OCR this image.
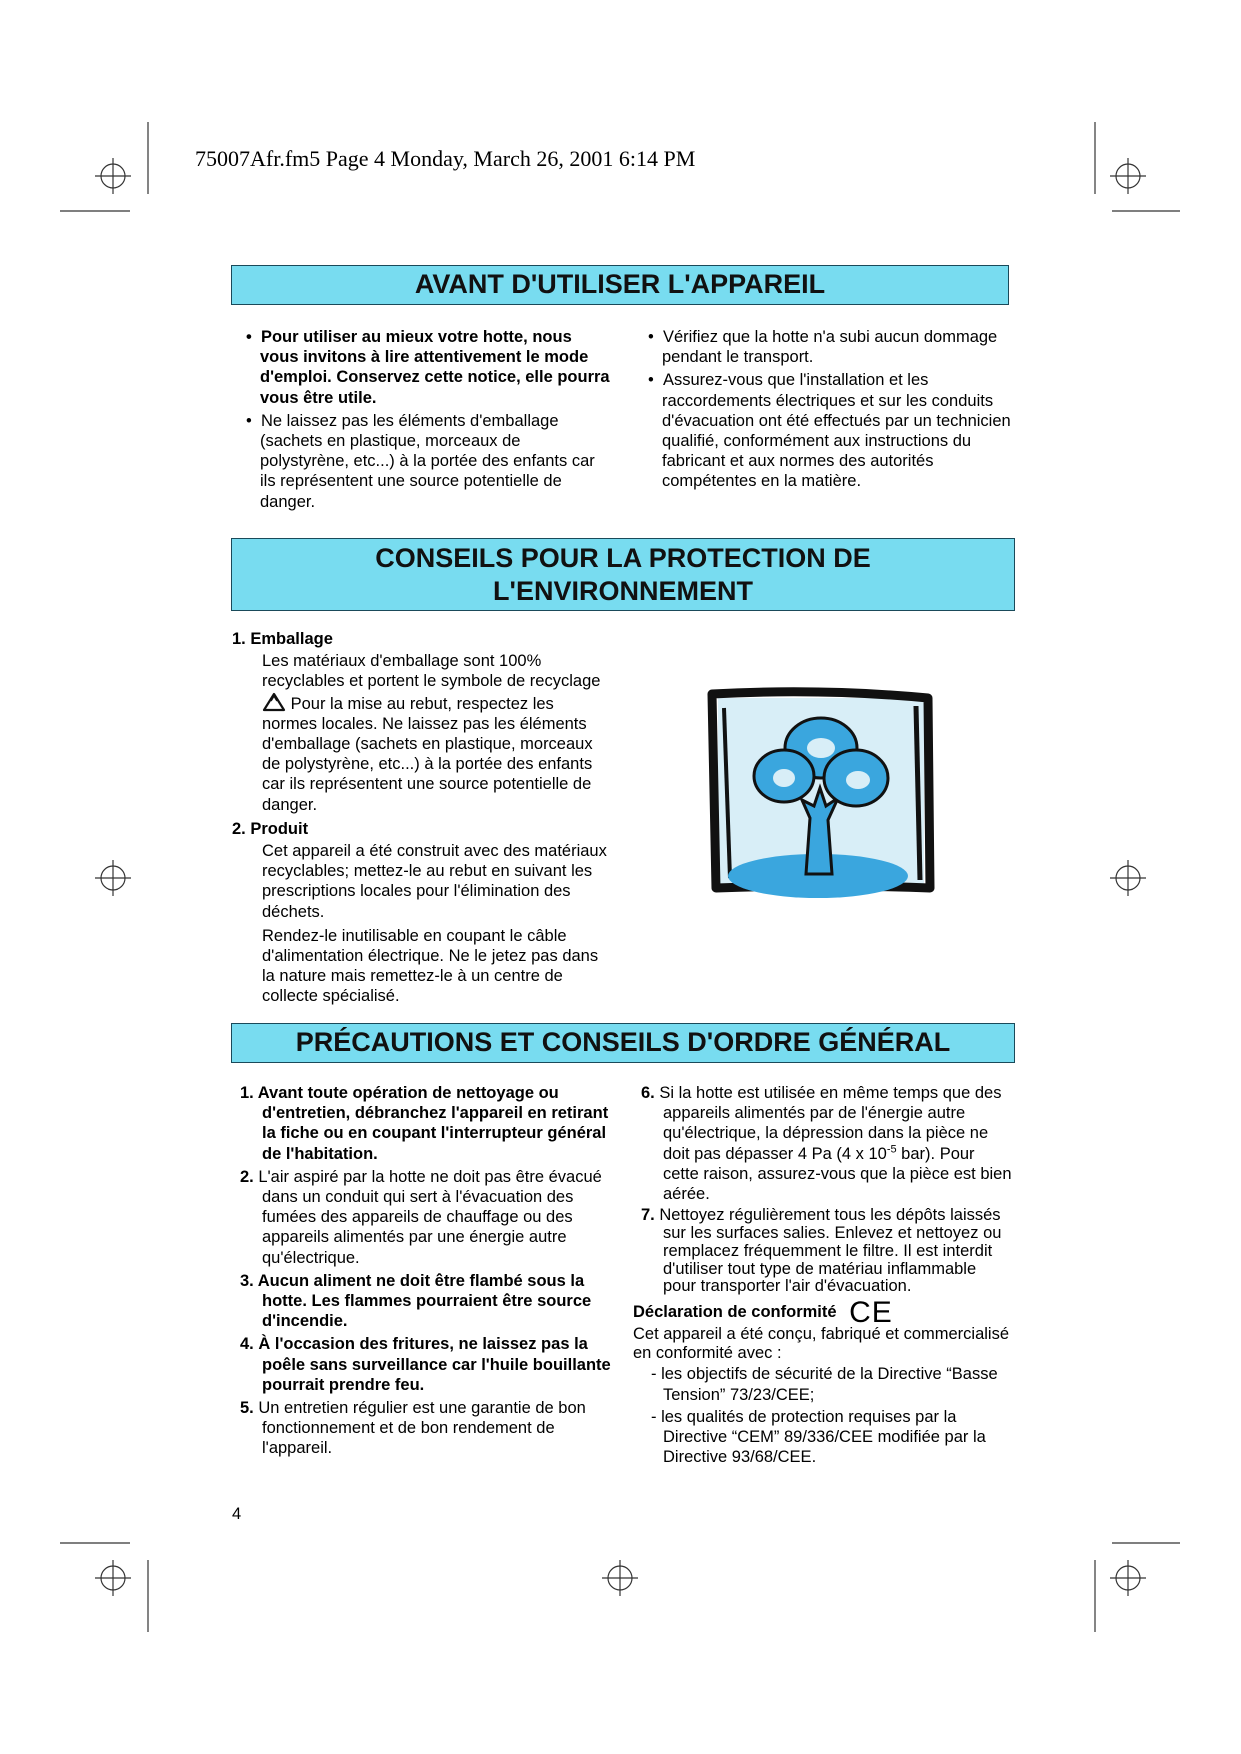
75007Afr.fm5 Page 4 Monday, March 26, 2001 6:14 PM
AVANT D'UTILISER L'APPAREIL

•  Pour utiliser au mieux votre hotte, nous vous invitons à lire attentivement le mode d'emploi. Conservez cette notice, elle pourra vous être utile.

•  Ne laissez pas les éléments d'emballage (sachets en plastique, morceaux de polystyrène, etc...) à la portée des enfants car ils représentent une source potentielle de danger.

•  Vérifiez que la hotte n'a subi aucun dommage pendant le transport.

•  Assurez-vous que l'installation et les raccordements électriques et sur les conduits d'évacuation ont été effectués par un technicien qualifié, conformément aux instructions du fabricant et aux normes des autorités compétentes en la matière.

CONSEILS POUR LA PROTECTION DE
L'ENVIRONNEMENT

1. Emballage

Les matériaux d'emballage sont 100% recyclables et portent le symbole de recyclage  Pour la mise au rebut, respectez les normes locales. Ne laissez pas les éléments d'emballage (sachets en plastique, morceaux de polystyrène, etc...) à la portée des enfants car ils représentent une source potentielle de danger.

2. Produit

Cet appareil a été construit avec des matériaux recyclables; mettez-le au rebut en suivant les prescriptions locales pour l'élimination des déchets.

Rendez-le inutilisable en coupant le câble d'alimentation électrique. Ne le jetez pas dans la nature mais remettez-le à un centre de collecte spécialisé.

PRÉCAUTIONS ET CONSEILS D'ORDRE GÉNÉRAL

1. Avant toute opération de nettoyage ou d'entretien, débranchez l'appareil en retirant la fiche ou en coupant l'interrupteur général de l'habitation.

2. L'air aspiré par la hotte ne doit pas être évacué dans un conduit qui sert à l'évacuation des fumées des appareils de chauffage ou des appareils alimentés par une énergie autre qu'électrique.

3. Aucun aliment ne doit être flambé sous la hotte. Les flammes pourraient être source d'incendie.

4. À l'occasion des fritures, ne laissez pas la poêle sans surveillance car l'huile bouillante pourrait prendre feu.

5. Un entretien régulier est une garantie de bon fonctionnement et de bon rendement de l'appareil.

6. Si la hotte est utilisée en même temps que des appareils alimentés par de l'énergie autre qu'électrique, la dépression dans la pièce ne doit pas dépasser 4 Pa (4 x $10^{-5}$ bar). Pour cette raison, assurez-vous que la pièce est bien aérée.

7. Nettoyez régulièrement tous les dépôts laissés sur les surfaces salies. Enlevez et nettoyez ou remplacez fréquemment le filtre. Il est interdit d'utiliser tout type de matériau inflammable pour transporter l'air d'évacuation.

Déclaration de conformité CE

Cet appareil a été conçu, fabriqué et commercialisé en conformité avec :

- les objectifs de sécurité de la Directive “Basse Tension” 73/23/CEE;

- les qualités de protection requises par la Directive “CEM” 89/336/CEE modifiée par la Directive 93/68/CEE.

4
